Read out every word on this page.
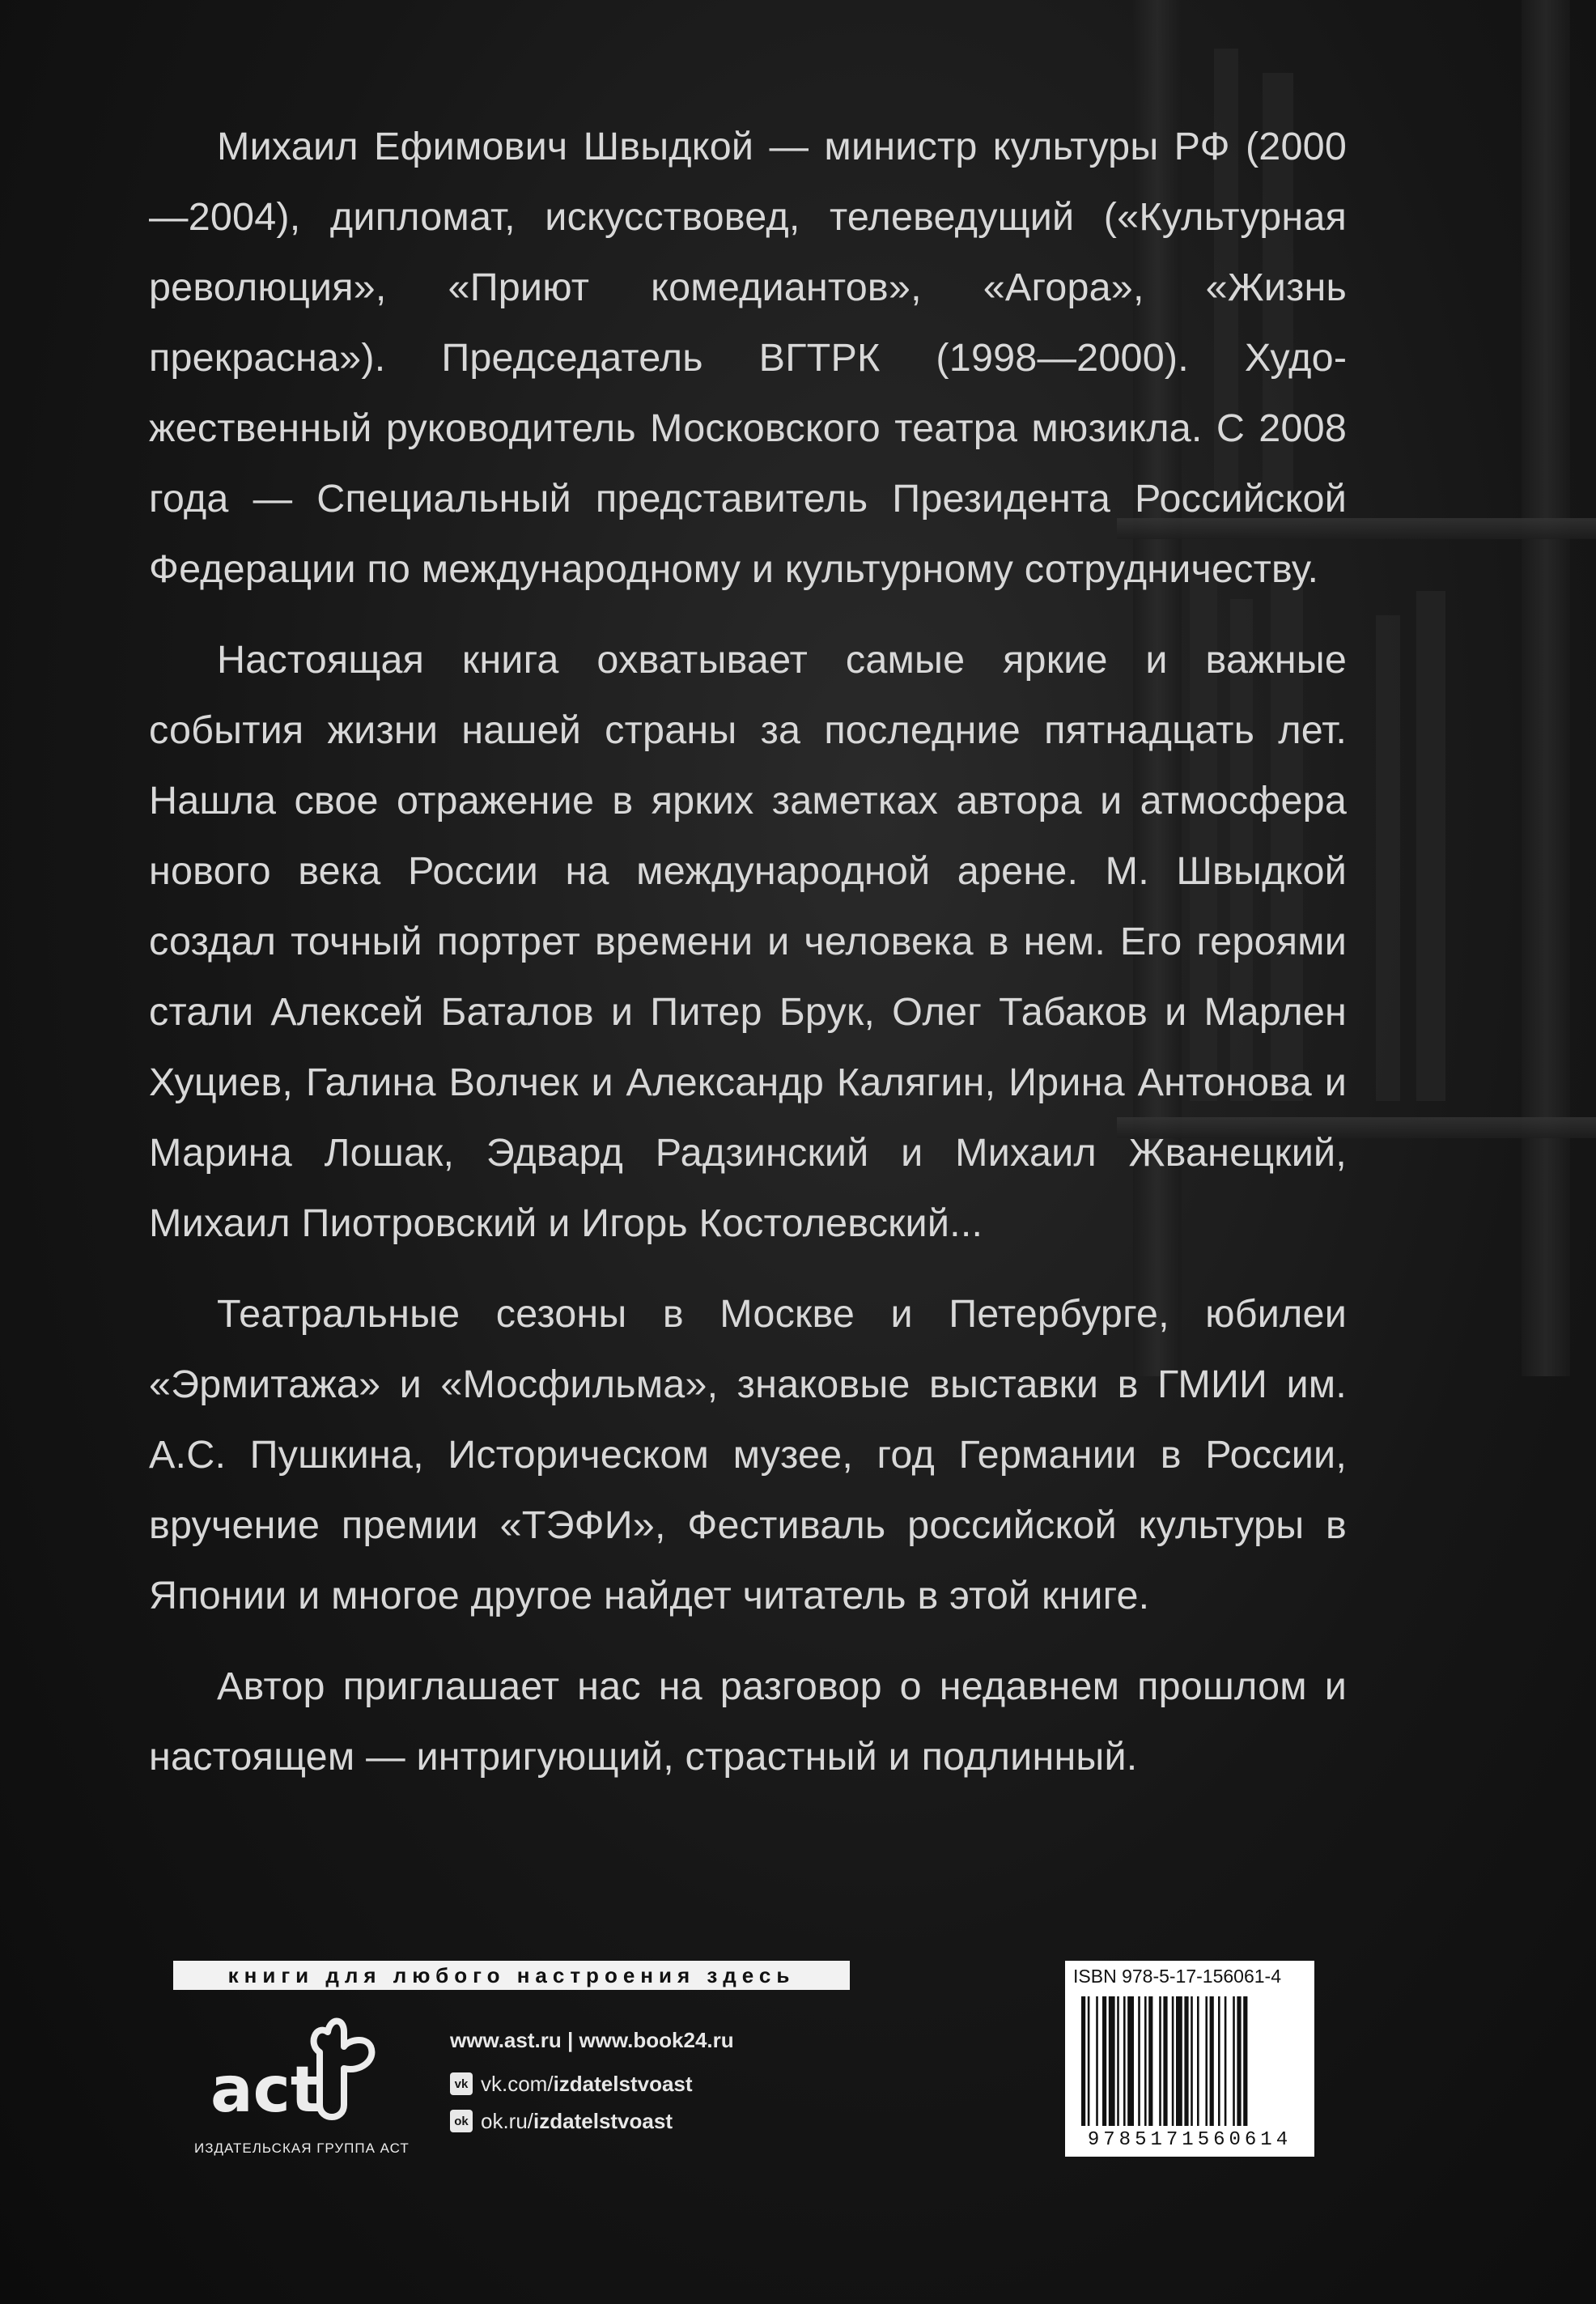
Михаил Ефимович Швыдкой — министр культуры РФ (2000—2004), дипломат, искусствовед, телеведущий («Культурная революция», «Приют комедиантов», «Агора», «Жизнь прекрасна»). Председатель ВГТРК (1998—2000). Художественный руководитель Московского театра мюзикла. С 2008 года — Специальный представитель Президента Российской Федерации по международному и культурному сотрудничеству.

Настоящая книга охватывает самые яркие и важные события жизни нашей страны за последние пятнадцать лет. Нашла свое отражение в ярких заметках автора и атмосфера нового века России на международной арене. М. Швыдкой создал точный портрет времени и человека в нем. Его героями стали Алексей Баталов и Питер Брук, Олег Табаков и Марлен Хуциев, Галина Волчек и Александр Калягин, Ирина Антонова и Марина Лошак, Эдвард Радзинский и Михаил Жванецкий, Михаил Пиотровский и Игорь Костолевский...

Театральные сезоны в Москве и Петербурге, юбилеи «Эрмитажа» и «Мосфильма», знаковые выставки в ГМИИ им. А.С. Пушкина, Историческом музее, год Германии в России, вручение премии «ТЭФИ», Фестиваль российской культуры в Японии и многое другое найдет читатель в этой книге.

Автор приглашает нас на разговор о недавнем прошлом и настоящем — интригующий, страстный и подлинный.

книги для любого настроения здесь
act
ИЗДАТЕЛЬСКАЯ ГРУППА АСТ
www.ast.ru | www.book24.ru
vk vk.com/ izdatelstvoast
ok ok.ru/ izdatelstvoast
ISBN 978-5-17-156061-4
9785171560614
